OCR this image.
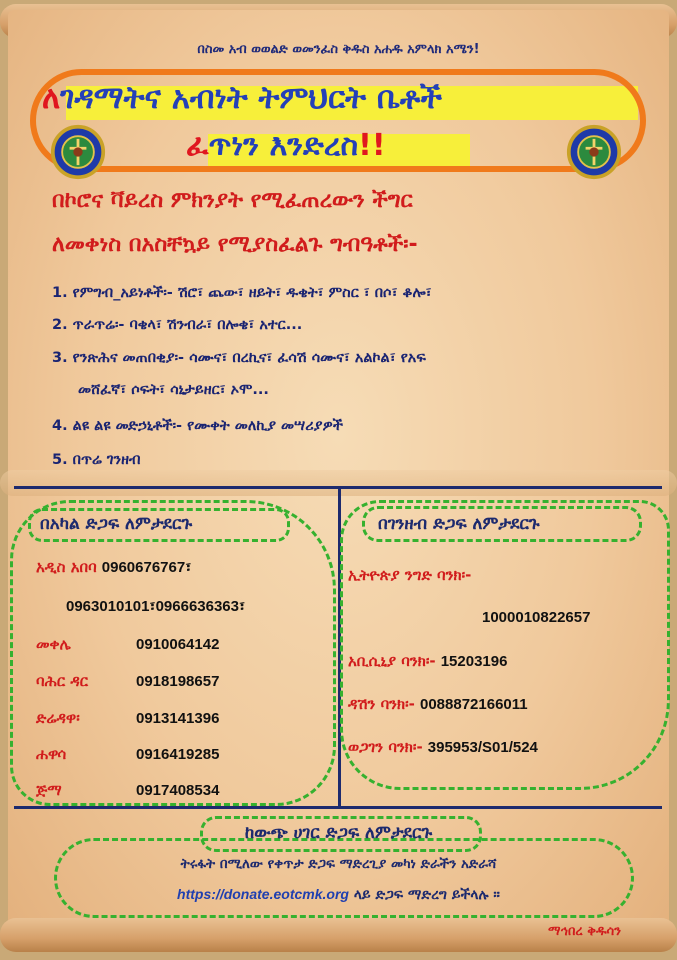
በስመ አብ ወወልድ ወመንፈስ ቅዱስ አሐዱ አምላክ አሜን!
ለገዳማትና አብነት ትምህርት ቤቶች
ፈጥነን እንድረስ!!
በኮሮና ቫይረስ ምክንያት የሚፈጠረውን ችግር
ለመቀነስ በአስቸኳይ የሚያስፈልጉ ግብዓቶች፡-
1. የምግብ_አይነቶች፡- ሽሮ፣ ጨው፣ ዘይት፣ ዱቄት፣ ምስር ፣ በሶ፣ ቆሎ፣
2. ጥራጥሬ፡- ባቄላ፣ ሽንብራ፣ በሎቄ፣ አተር...
3. የንጽሕና መጠበቂያ፡- ሳሙና፣ በረኪና፣ ፈሳሽ ሳሙና፣ አልኮል፣ የአፍ
መሸፈኛ፣ ሶፍት፣ ሳኒታይዘር፣ ኦሞ...
4. ልዩ ልዩ መድኃኒቶች፡- የሙቀት መለኪያ መሣሪያዎች
5. በጥሬ ገንዘብ
በአካል ድጋፍ ለምታደርጉ
አዲስ አበባ 0960676767፣
0963010101፣0966636363፣
መቀሌ	0910064142
ባሕር ዳር	0918198657
ድሬዳዋ፡	0913141396
ሐዋሳ	0916419285
ጅማ	0917408534
በገንዘብ ድጋፍ ለምታደርጉ
ኢትዮጵያ ንግድ ባንክ፡-
1000010822657
አቢሲኒያ ባንክ፡- 15203196
ዳሽን ባንክ፡- 0088872166011
ወጋገን ባንክ፡- 395953/S01/524
ከውጭ ሀገር ድጋፍ ለምታደርጉ
ትሩፋት በሚለው የቀጥታ ድጋፍ ማድረጊያ መካነ ድራችን አድራሻ
https://donate.eotcmk.org ላይ ድጋፍ ማድረግ ይችላሉ ።
ማኅበረ ቅዱሳን
